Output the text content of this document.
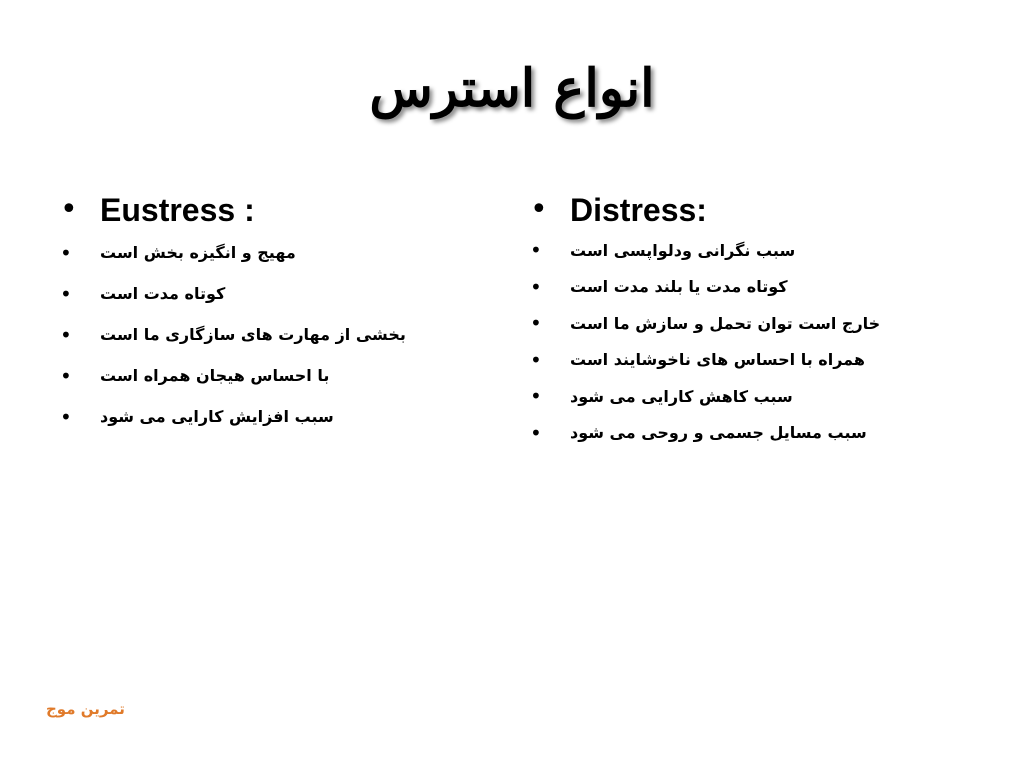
انواع استرس
• Eustress :
•	مهیج و انگیزه بخش است
•	کوتاه مدت است
•	بخشی از مهارت های سازگاری ما است
•	با احساس هیجان همراه است
•	سبب افزایش کارایی می شود
• Distress:
•	سبب نگرانی ودلواپسی است
•	کوتاه مدت یا بلند مدت است
•	خارج است توان تحمل و سازش ما است
•	همراه با احساس های ناخوشایند است
•	سبب کاهش کارایی می شود
•	سبب مسایل جسمی و روحی می شود
تمرین موج
